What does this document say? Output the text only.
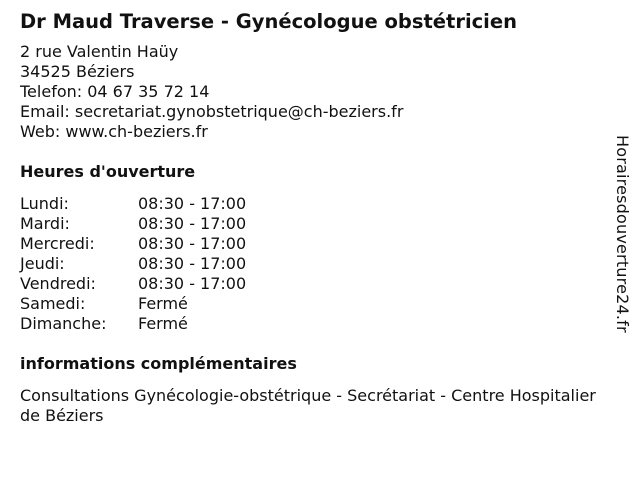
Dr Maud Traverse - Gynécologue obstétricien
2 rue Valentin Haüy
34525 Béziers
Telefon: 04 67 35 72 14
Email: secretariat.gynobstetrique@ch-beziers.fr
Web: www.ch-beziers.fr
Heures d'ouverture
Lundi:	08:30 - 17:00
Mardi:	08:30 - 17:00
Mercredi:	08:30 - 17:00
Jeudi:	08:30 - 17:00
Vendredi:	08:30 - 17:00
Samedi:	Fermé
Dimanche:	Fermé
informations complémentaires
Consultations Gynécologie-obstétrique - Secrétariat - Centre Hospitalier de Béziers
Horairesdouverture24.fr
